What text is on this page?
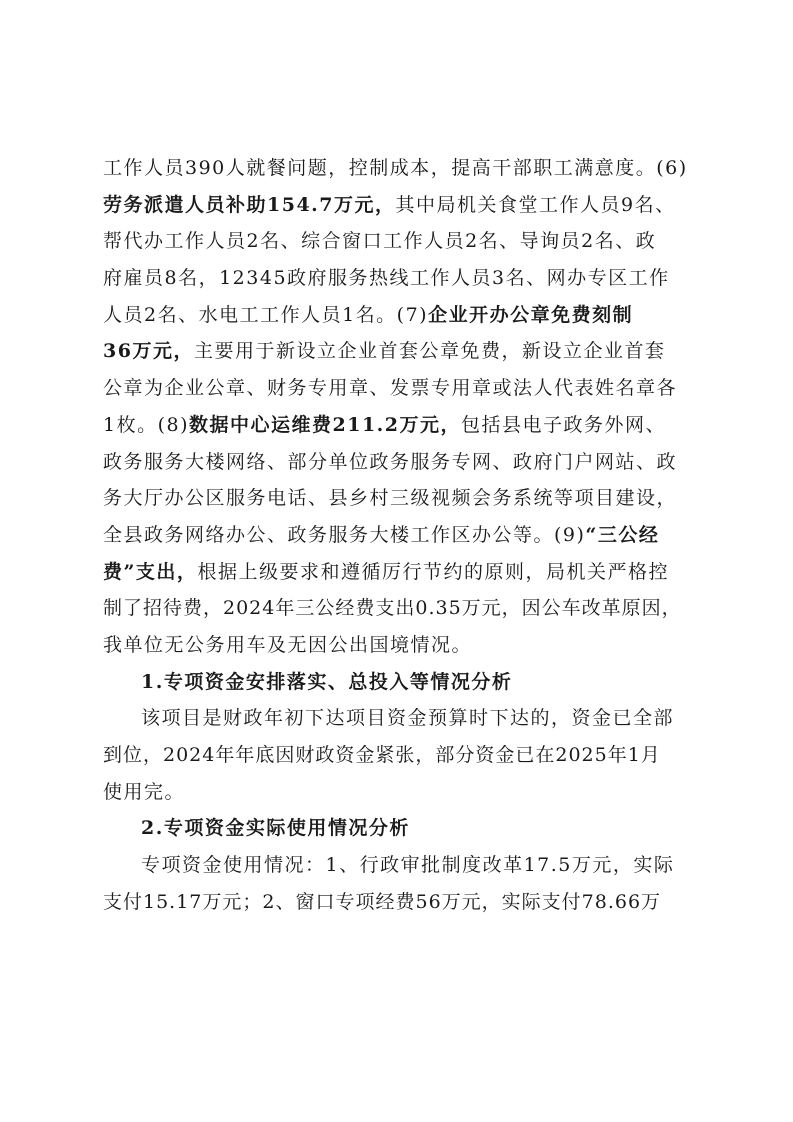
工作人员390人就餐问题，控制成本，提高干部职工满意度。(6)
劳务派遣人员补助154.7万元，其中局机关食堂工作人员9名、
帮代办工作人员2名、综合窗口工作人员2名、导询员2名、政
府雇员8名，12345政府服务热线工作人员3名、网办专区工作
人员2名、水电工工作人员1名。(7)企业开办公章免费刻制
36万元，主要用于新设立企业首套公章免费，新设立企业首套
公章为企业公章、财务专用章、发票专用章或法人代表姓名章各
1枚。(8)数据中心运维费211.2万元，包括县电子政务外网、
政务服务大楼网络、部分单位政务服务专网、政府门户网站、政
务大厅办公区服务电话、县乡村三级视频会务系统等项目建设，
全县政务网络办公、政务服务大楼工作区办公等。(9)“三公经
费”支出，根据上级要求和遵循厉行节约的原则，局机关严格控
制了招待费，2024年三公经费支出0.35万元，因公车改革原因，
我单位无公务用车及无因公出国境情况。
1.专项资金安排落实、总投入等情况分析
该项目是财政年初下达项目资金预算时下达的，资金已全部
到位，2024年年底因财政资金紧张，部分资金已在2025年1月
使用完。
2.专项资金实际使用情况分析
专项资金使用情况：1、行政审批制度改革17.5万元，实际
支付15.17万元；2、窗口专项经费56万元，实际支付78.66万
